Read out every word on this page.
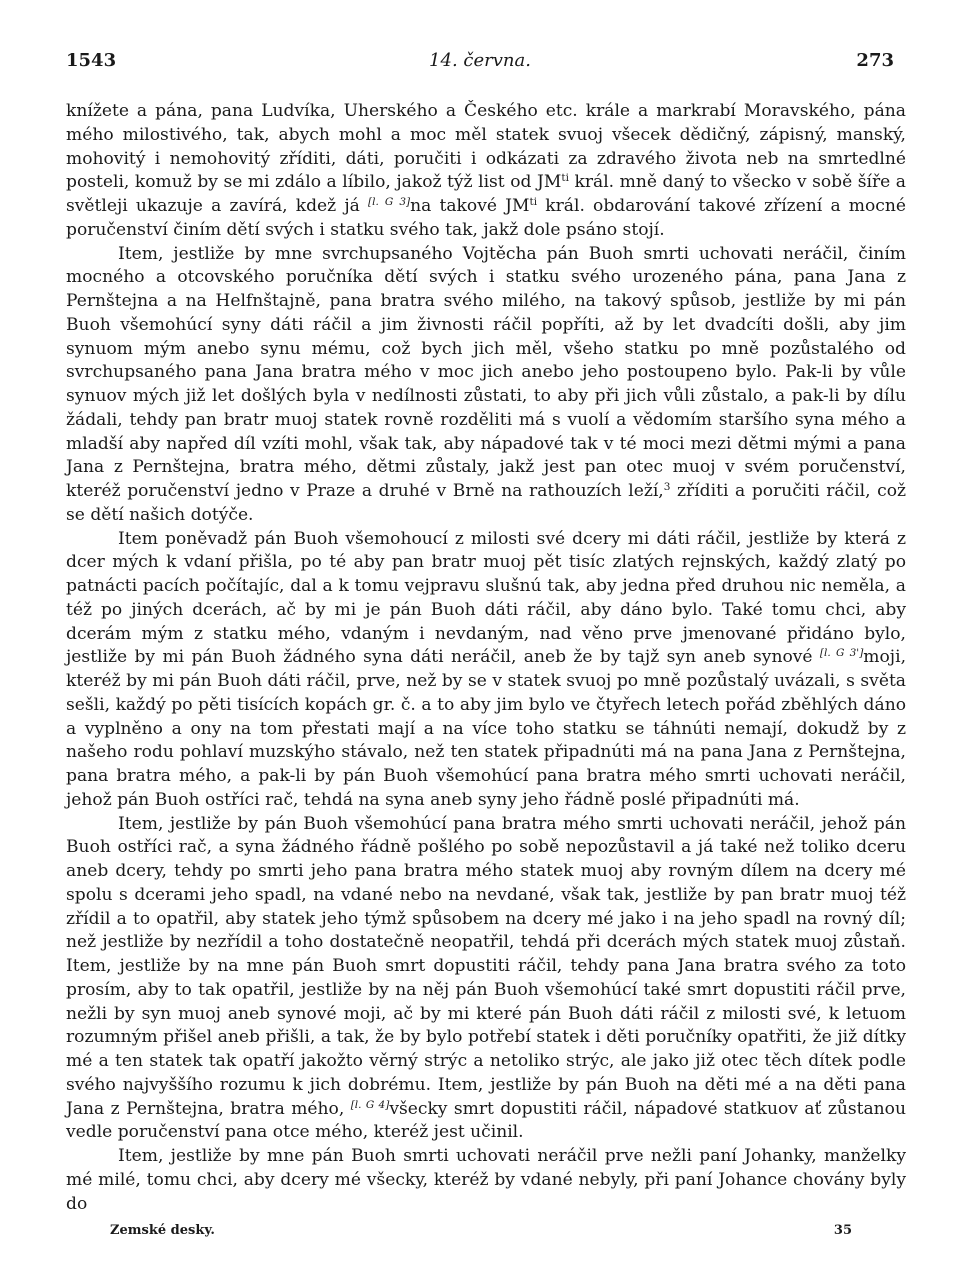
1543	14. června.	273

knížete a pána, pana Ludvíka, Uherského a Českého etc. krále a markrabí Moravského, pána mého milostivého, tak, abych mohl a moc měl statek svuoj všecek dědičný, zápisný, manský, mohovitý i nemohovitý zříditi, dáti, poručiti i odkázati za zdravého života neb na smrtedlné posteli, komuž by se mi zdálo a líbilo, jakož týž list od $JM^{ti}$ král. mně daný to všecko v sobě šíře a světleji ukazuje a zavírá, kdež já [l. G 3]na takové $JM^{ti}$ král. obdarování takové zřízení a mocné poručenství činím dětí svých i statku svého tak, jakž dole psáno stojí.

Item, jestliže by mne svrchupsaného Vojtěcha pán Buoh smrti uchovati neráčil, činím mocného a otcovského poručníka dětí svých i statku svého urozeného pána, pana Jana z Pernštejna a na Helfnštajně, pana bratra svého milého, na takový spůsob, jestliže by mi pán Buoh všemohúcí syny dáti ráčil a jim živnosti ráčil popříti, až by let dvadcíti došli, aby jim synuom mým anebo synu mému, což bych jich měl, všeho statku po mně pozůstalého od svrchupsaného pana Jana bratra mého v moc jich anebo jeho postoupeno bylo. Pak-li by vůle synuov mých již let došlých byla v nedílnosti zůstati, to aby při jich vůli zůstalo, a pak-li by dílu žádali, tehdy pan bratr muoj statek rovně rozděliti má s vuolí a vědomím staršího syna mého a mladší aby napřed díl vzíti mohl, však tak, aby nápadové tak v té moci mezi dětmi mými a pana Jana z Pernštejna, bratra mého, dětmi zůstaly, jakž jest pan otec muoj v svém poručenství, kteréž poručenství jedno v Praze a druhé v Brně na rathouzích leží,$^3$ zříditi a poručiti ráčil, což se dětí našich dotýče.

Item poněvadž pán Buoh všemohoucí z milosti své dcery mi dáti ráčil, jestliže by která z dcer mých k vdaní přišla, po té aby pan bratr muoj pět tisíc zlatých rejnských, každý zlatý po patnácti pacích počítajíc, dal a k tomu vejpravu slušnú tak, aby jedna před druhou nic neměla, a též po jiných dcerách, ač by mi je pán Buoh dáti ráčil, aby dáno bylo. Také tomu chci, aby dcerám mým z statku mého, vdaným i nevdaným, nad věno prve jmenované přidáno bylo, jestliže by mi pán Buoh žádného syna dáti neráčil, aneb že by tajž syn aneb synové [l. G 3']moji, kteréž by mi pán Buoh dáti ráčil, prve, než by se v statek svuoj po mně pozůstalý uvázali, s světa sešli, každý po pěti tisících kopách gr. č. a to aby jim bylo ve čtyřech letech pořád zběhlých dáno a vyplněno a ony na tom přestati mají a na více toho statku se táhnúti nemají, dokudž by z našeho rodu pohlaví muzskýho stávalo, než ten statek připadnúti má na pana Jana z Pernštejna, pana bratra mého, a pak-li by pán Buoh všemohúcí pana bratra mého smrti uchovati neráčil, jehož pán Buoh ostříci rač, tehdá na syna aneb syny jeho řádně poslé připadnúti má.

Item, jestliže by pán Buoh všemohúcí pana bratra mého smrti uchovati neráčil, jehož pán Buoh ostříci rač, a syna žádného řádně pošlého po sobě nepozůstavil a já také než toliko dceru aneb dcery, tehdy po smrti jeho pana bratra mého statek muoj aby rovným dílem na dcery mé spolu s dcerami jeho spadl, na vdané nebo na nevdané, však tak, jestliže by pan bratr muoj též zřídil a to opatřil, aby statek jeho týmž spůsobem na dcery mé jako i na jeho spadl na rovný díl; než jestliže by nezřídil a toho dostatečně neopatřil, tehdá při dcerách mých statek muoj zůstaň. Item, jestliže by na mne pán Buoh smrt dopustiti ráčil, tehdy pana Jana bratra svého za toto prosím, aby to tak opatřil, jestliže by na něj pán Buoh všemohúcí také smrt dopustiti ráčil prve, nežli by syn muoj aneb synové moji, ač by mi které pán Buoh dáti ráčil z milosti své, k letuom rozumným přišel aneb přišli, a tak, že by bylo potřebí statek i děti poručníky opatřiti, že již dítky mé a ten statek tak opatří jakožto věrný strýc a netoliko strýc, ale jako již otec těch dítek podle svého najvyššího rozumu k jich dobrému. Item, jestliže by pán Buoh na děti mé a na děti pana Jana z Pernštejna, bratra mého, [l. G 4]všecky smrt dopustiti ráčil, nápadové statkuov ať zůstanou vedle poručenství pana otce mého, kteréž jest učinil.

Item, jestliže by mne pán Buoh smrti uchovati neráčil prve nežli paní Johanky, manželky mé milé, tomu chci, aby dcery mé všecky, kteréž by vdané nebyly, při paní Johance chovány byly do

Zemské desky.	35
